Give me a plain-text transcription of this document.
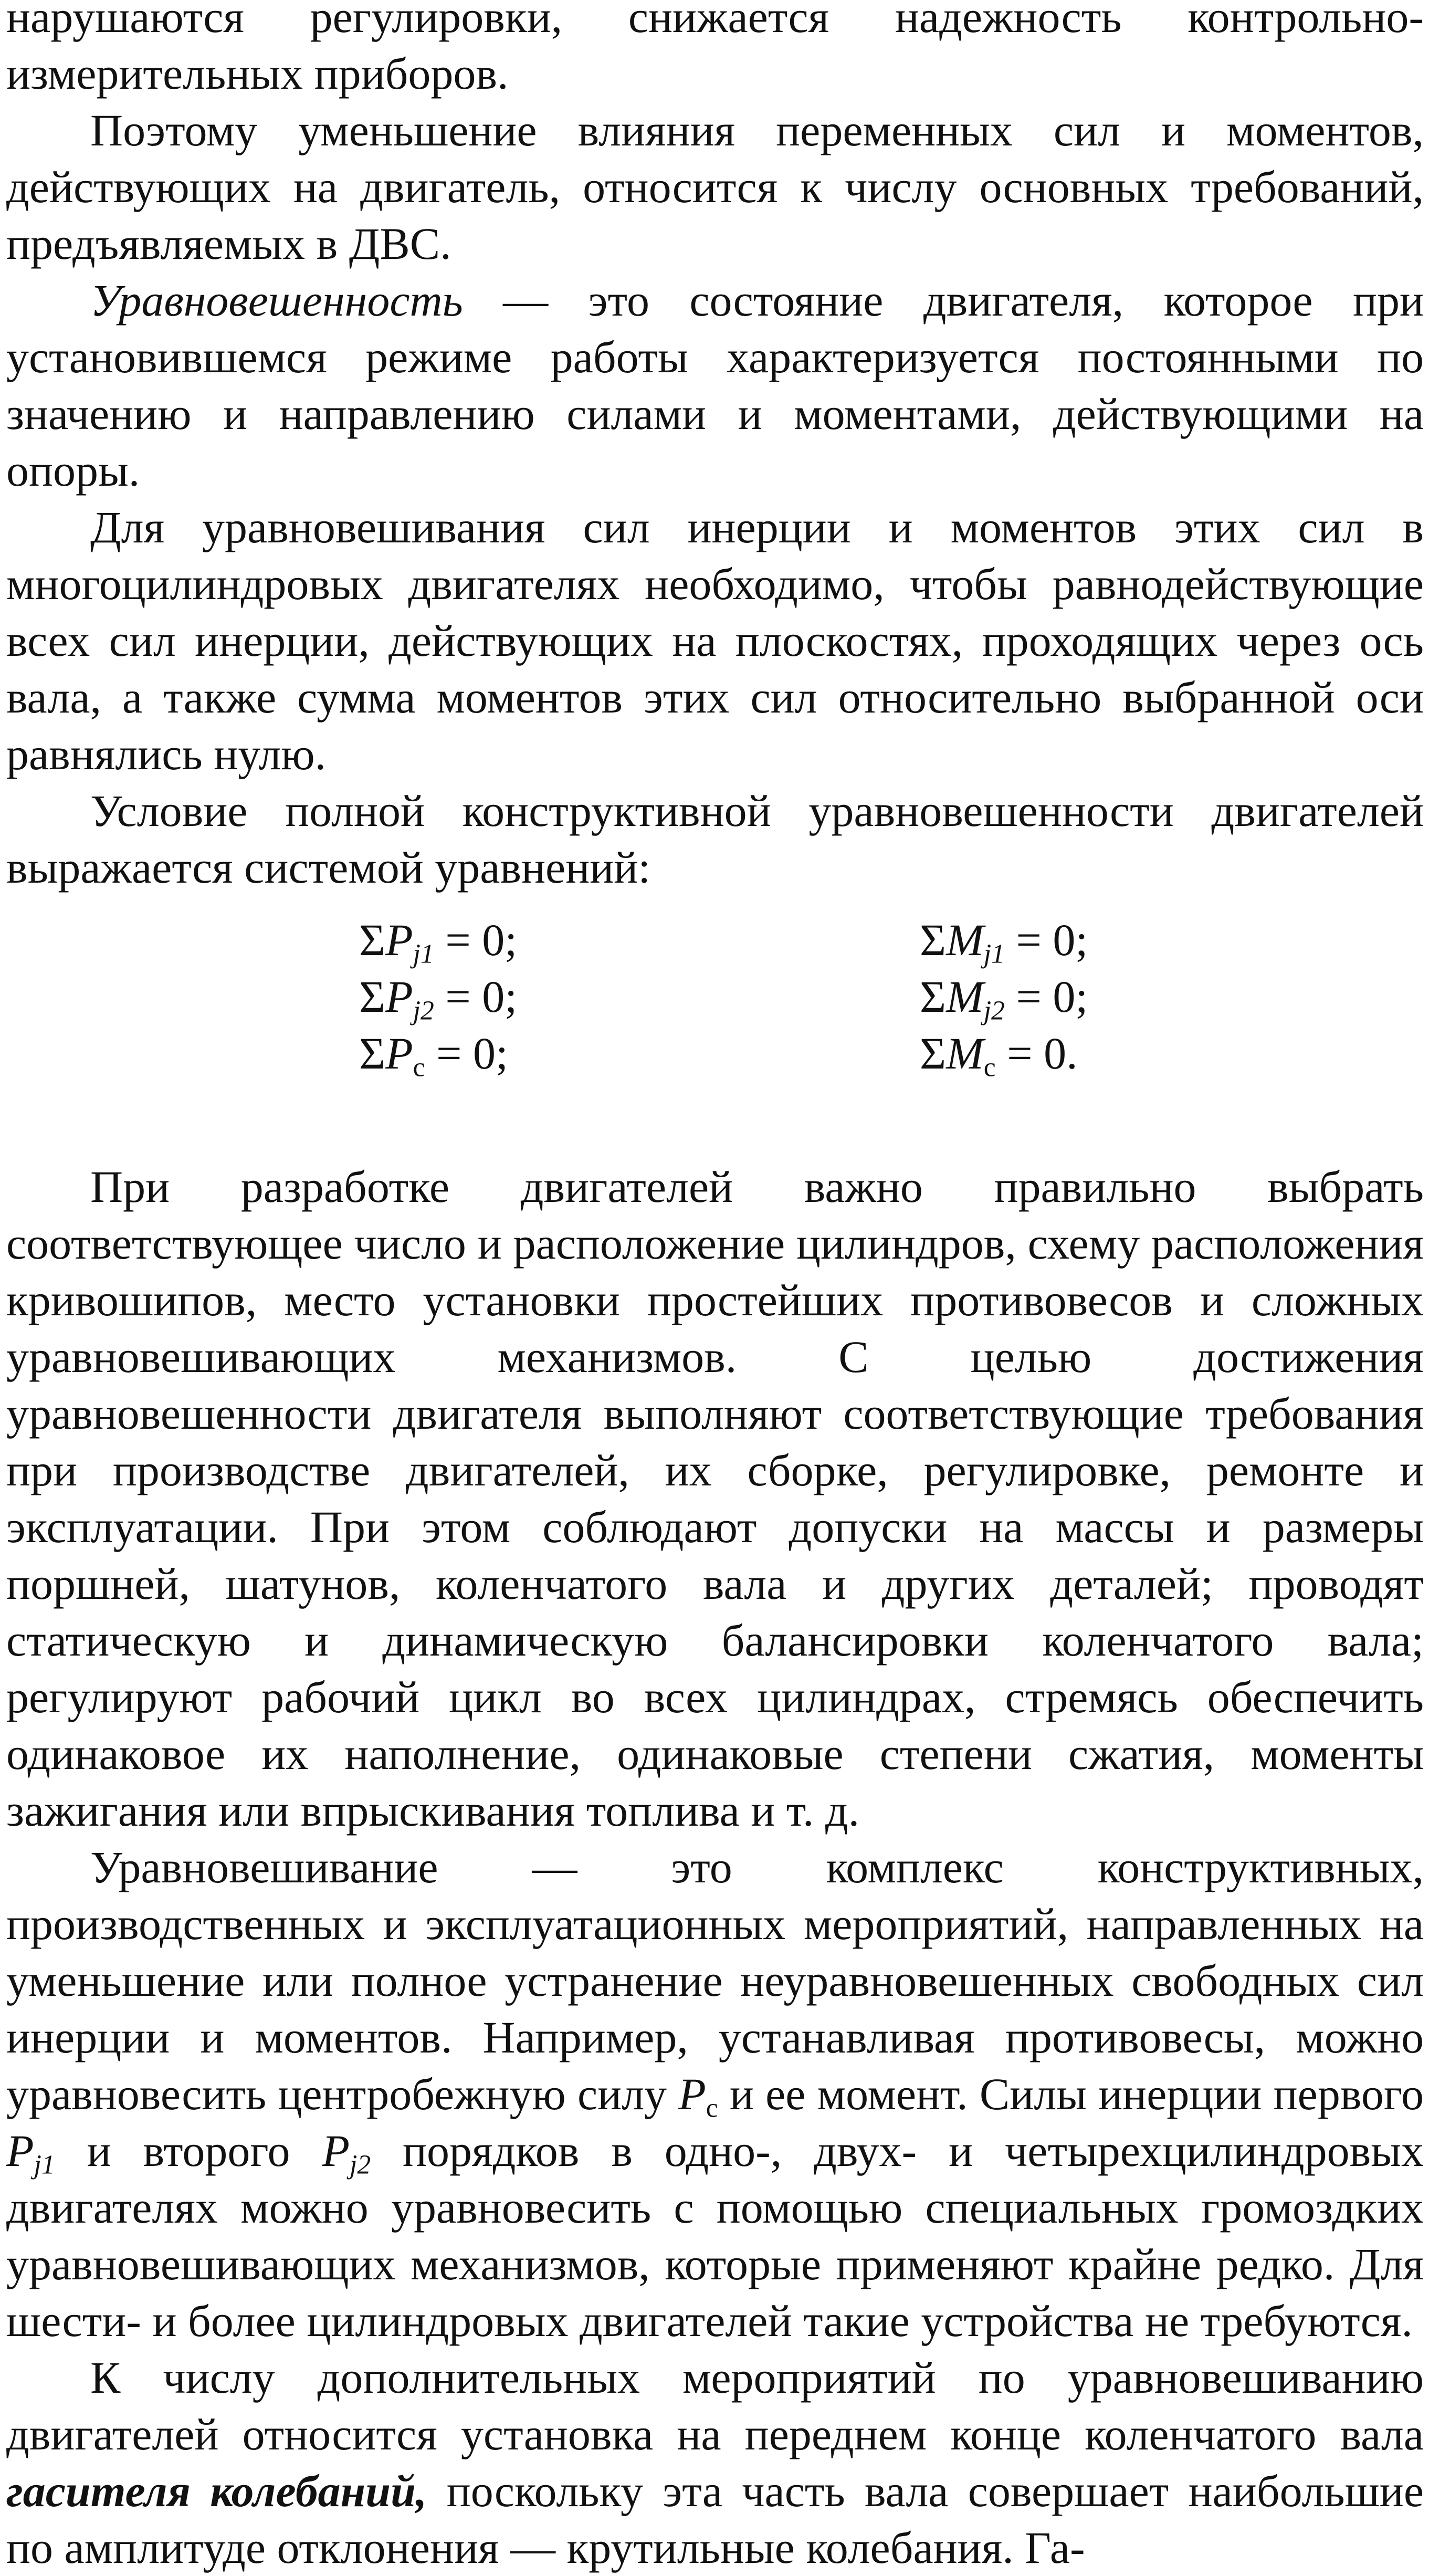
нарушаются регулировки, снижается надежность контрольно-измерительных приборов.

Поэтому уменьшение влияния переменных сил и моментов, действующих на двигатель, относится к числу основных требований, предъявляемых в ДВС.

Уравновешенность — это состояние двигателя, которое при установившемся режиме работы характеризуется постоянными по значению и направлению силами и моментами, действующими на опоры.

Для уравновешивания сил инерции и моментов этих сил в многоцилиндровых двигателях необходимо, чтобы равнодействующие всех сил инерции, действующих на плоскостях, проходящих через ось вала, а также сумма моментов этих сил относительно выбранной оси равнялись нулю.

Условие полной конструктивной уравновешенности двигателей выражается системой уравнений:

$\Sigma P_{j1} = 0$;
$\Sigma P_{j2} = 0$;
$\Sigma P_c = 0$;
$\Sigma M_{j1} = 0$;
$\Sigma M_{j2} = 0$;
$\Sigma M_c = 0$.

При разработке двигателей важно правильно выбрать соответствующее число и расположение цилиндров, схему расположения кривошипов, место установки простейших противовесов и сложных уравновешивающих механизмов. С целью достижения уравновешенности двигателя выполняют соответствующие требования при производстве двигателей, их сборке, регулировке, ремонте и эксплуатации. При этом соблюдают допуски на массы и размеры поршней, шатунов, коленчатого вала и других деталей; проводят статическую и динамическую балансировки коленчатого вала; регулируют рабочий цикл во всех цилиндрах, стремясь обеспечить одинаковое их наполнение, одинаковые степени сжатия, моменты зажигания или впрыскивания топлива и т. д.

Уравновешивание — это комплекс конструктивных, производственных и эксплуатационных мероприятий, направленных на уменьшение или полное устранение неуравновешенных свободных сил инерции и моментов. Например, устанавливая противовесы, можно уравновесить центробежную силу $P_c$ и ее момент. Силы инерции первого $P_{j1}$ и второго $P_{j2}$ порядков в одно-, двух- и четырехцилиндровых двигателях можно уравновесить с помощью специальных громоздких уравновешивающих механизмов, которые применяют крайне редко. Для шести- и более цилиндровых двигателей такие устройства не требуются.

К числу дополнительных мероприятий по уравновешиванию двигателей относится установка на переднем конце коленчатого вала гасителя колебаний, поскольку эта часть вала совершает наибольшие по амплитуде отклонения — крутильные колебания. Га-
